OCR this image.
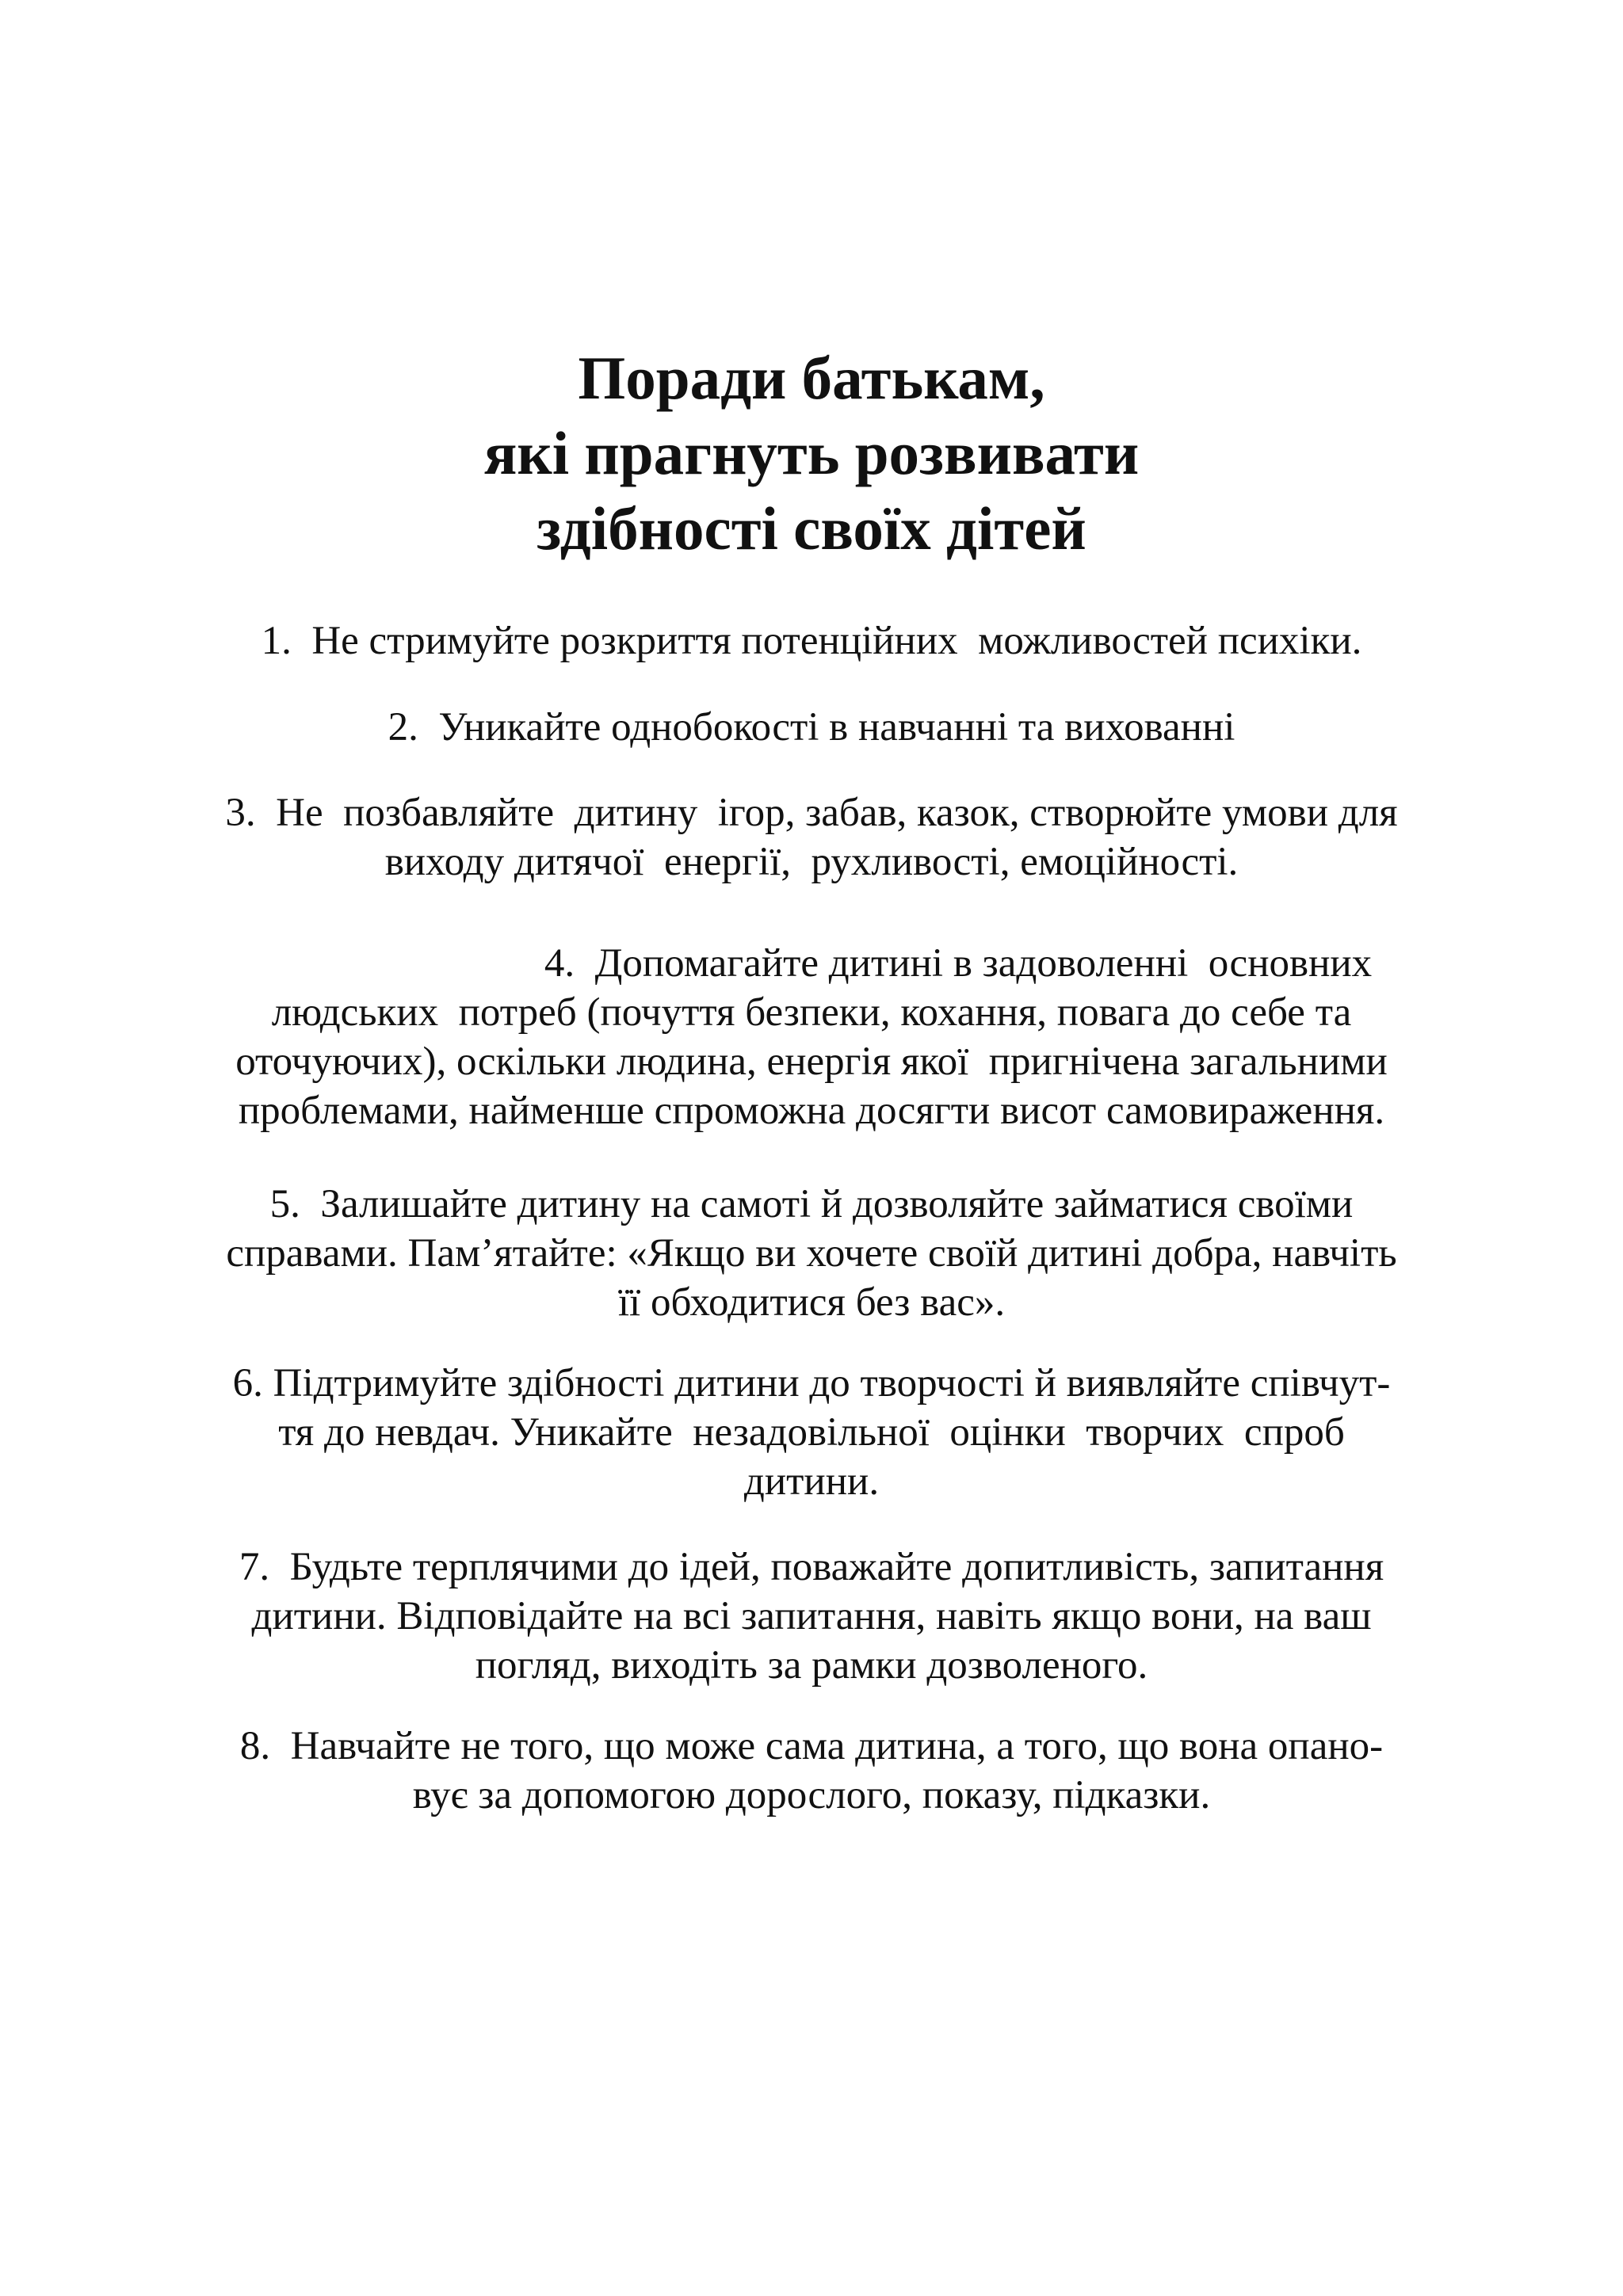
Поради батькам,
які прагнуть розвивати
здібності своїх дітей
1.  Не стримуйте розкриття потенційних  можливостей психіки.
2.  Уникайте однобокості в навчанні та вихованні
3.  Не  позбавляйте  дитину  ігор, забав, казок, створюйте умови для
виходу дитячої  енергії,  рухливості, емоційності.
4.  Допомагайте дитині в задоволенні  основних
людських  потреб (почуття безпеки, кохання, повага до себе та
оточуючих), оскільки людина, енергія якої  пригнічена загальними
проблемами, найменше спроможна досягти висот самовираження.
5.  Залишайте дитину на самоті й дозволяйте займатися своїми
справами. Пам’ятайте: «Якщо ви хочете своїй дитині добра, навчіть
її обходитися без вас».
6. Підтримуйте здібності дитини до творчості й виявляйте співчут-
тя до невдач. Уникайте  незадовільної  оцінки  творчих  спроб
дитини.
7.  Будьте терплячими до ідей, поважайте допитливість, запитання
дитини. Відповідайте на всі запитання, навіть якщо вони, на ваш
погляд, виходіть за рамки дозволеного.
8.  Навчайте не того, що може сама дитина, а того, що вона опано-
вує за допомогою дорослого, показу, підказки.
